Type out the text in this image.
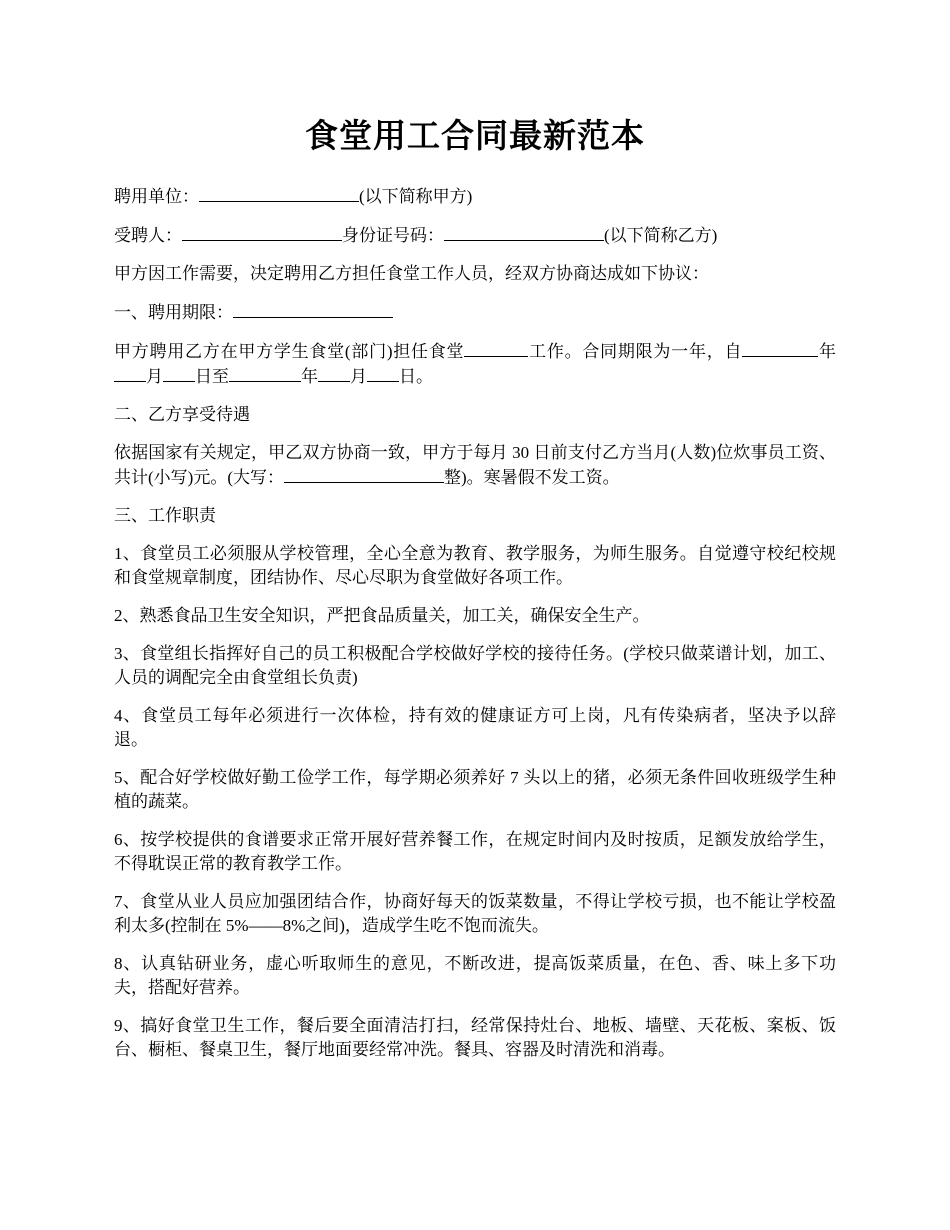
食堂用工合同最新范本

聘用单位：	(以下简称甲方)

受聘人：	身份证号码：	(以下简称乙方)

甲方因工作需要，决定聘用乙方担任食堂工作人员，经双方协商达成如下协议：

一、聘用期限：

甲方聘用乙方在甲方学生食堂(部门)担任食堂	工作。合同期限为一年，自	年月 日至	年 月 日。

二、乙方享受待遇

依据国家有关规定，甲乙双方协商一致，甲方于每月 30 日前支付乙方当月(人数)位炊事员工资、共计(小写)元。(大写：	整)。寒暑假不发工资。

三、工作职责

1、食堂员工必须服从学校管理，全心全意为教育、教学服务，为师生服务。自觉遵守校纪校规和食堂规章制度，团结协作、尽心尽职为食堂做好各项工作。

2、熟悉食品卫生安全知识，严把食品质量关，加工关，确保安全生产。

3、食堂组长指挥好自己的员工积极配合学校做好学校的接待任务。(学校只做菜谱计划，加工、人员的调配完全由食堂组长负责)

4、食堂员工每年必须进行一次体检，持有效的健康证方可上岗，凡有传染病者，坚决予以辞退。

5、配合好学校做好勤工俭学工作，每学期必须养好 7 头以上的猪，必须无条件回收班级学生种植的蔬菜。

6、按学校提供的食谱要求正常开展好营养餐工作，在规定时间内及时按质，足额发放给学生，不得耽误正常的教育教学工作。

7、食堂从业人员应加强团结合作，协商好每天的饭菜数量，不得让学校亏损，也不能让学校盈利太多(控制在 5%——8%之间)，造成学生吃不饱而流失。

8、认真钻研业务，虚心听取师生的意见，不断改进，提高饭菜质量，在色、香、味上多下功夫，搭配好营养。

9、搞好食堂卫生工作，餐后要全面清洁打扫，经常保持灶台、地板、墙壁、天花板、案板、饭台、橱柜、餐桌卫生，餐厅地面要经常冲洗。餐具、容器及时清洗和消毒。
